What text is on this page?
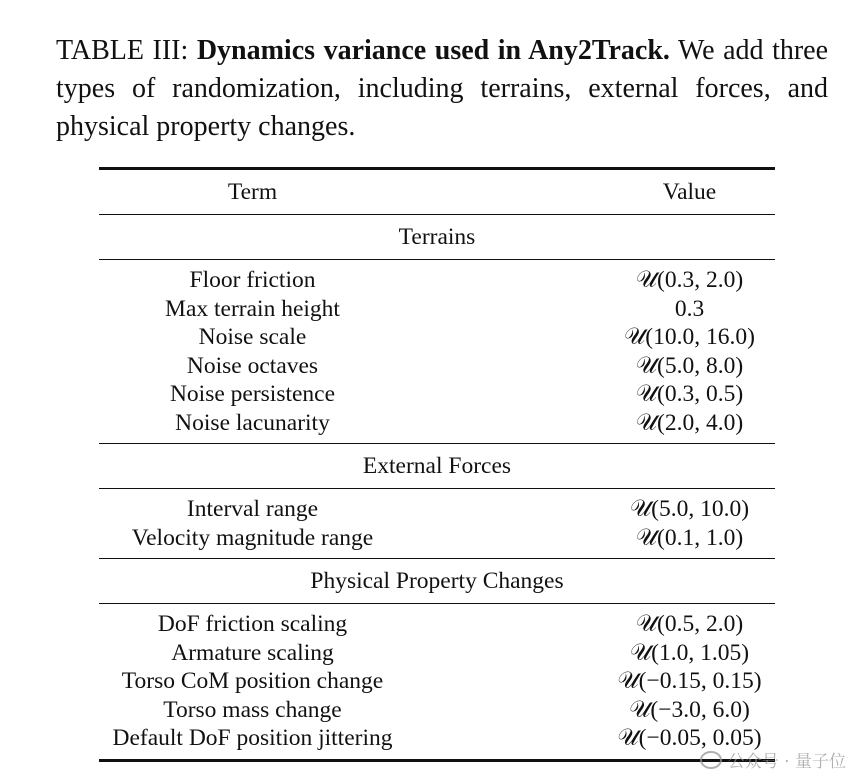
TABLE III: Dynamics variance used in Any2Track. We add three types of randomization, including terrains, external forces, and physical property changes.
Term	Value
Terrains
Floor friction	𝒰(0.3, 2.0)
Max terrain height	0.3
Noise scale	𝒰(10.0, 16.0)
Noise octaves	𝒰(5.0, 8.0)
Noise persistence	𝒰(0.3, 0.5)
Noise lacunarity	𝒰(2.0, 4.0)
External Forces
Interval range	𝒰(5.0, 10.0)
Velocity magnitude range	𝒰(0.1, 1.0)
Physical Property Changes
DoF friction scaling	𝒰(0.5, 2.0)
Armature scaling	𝒰(1.0, 1.05)
Torso CoM position change	𝒰(−0.15, 0.15)
Torso mass change	𝒰(−3.0, 6.0)
Default DoF position jittering	𝒰(−0.05, 0.05)
公众号 · 量子位
